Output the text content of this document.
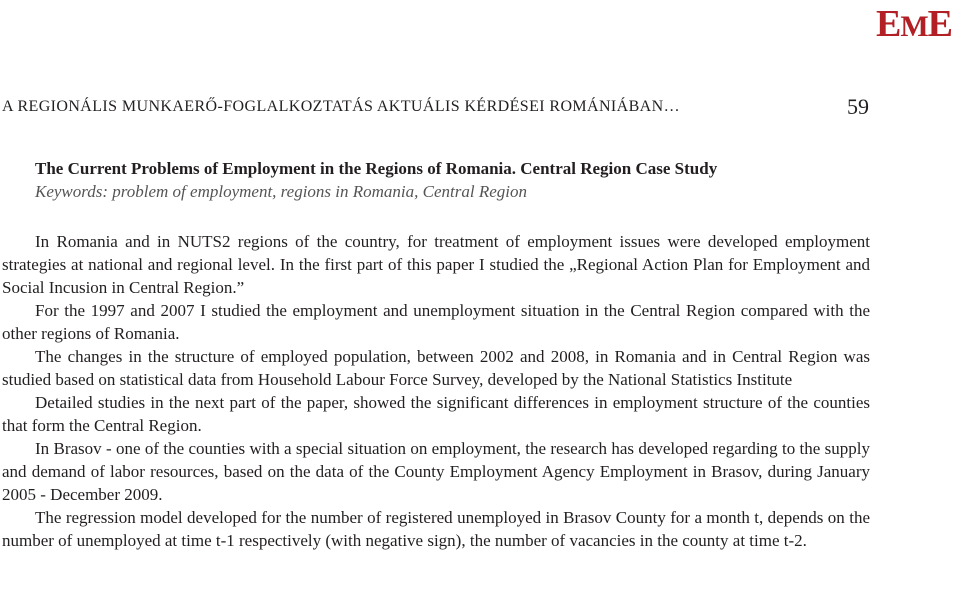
EME
A REGIONÁLIS MUNKAERŐ-FOGLALKOZTATÁS AKTUÁLIS KÉRDÉSEI ROMÁNIÁBAN…	59
The Current Problems of Employment in the Regions of Romania. Central Region Case Study
Keywords: problem of employment, regions in Romania, Central Region

In Romania and in NUTS2 regions of the country, for treatment of employment issues were developed employment strategies at national and regional level. In the first part of this paper I studied the „Regional Action Plan for Employment and Social Incusion in Central Region.”

For the 1997 and 2007 I studied the employment and unemployment situation in the Central Region compared with the other regions of Romania.

The changes in the structure of employed population, between 2002 and 2008, in Romania and in Central Region was studied based on statistical data from Household Labour Force Survey, developed by the National Statistics Institute

Detailed studies in the next part of the paper, showed the significant differences in employment structure of the counties that form the Central Region.

In Brasov - one of the counties with a special situation on employment, the research has developed regarding to the supply and demand of labor resources, based on the data of the County Employment Agency Employment in Brasov, during January 2005 - December 2009.

The regression model developed for the number of registered unemployed in Brasov County for a month t, depends on the number of unemployed at time t-1 respectively (with negative sign), the number of vacancies in the county at time t-2.
